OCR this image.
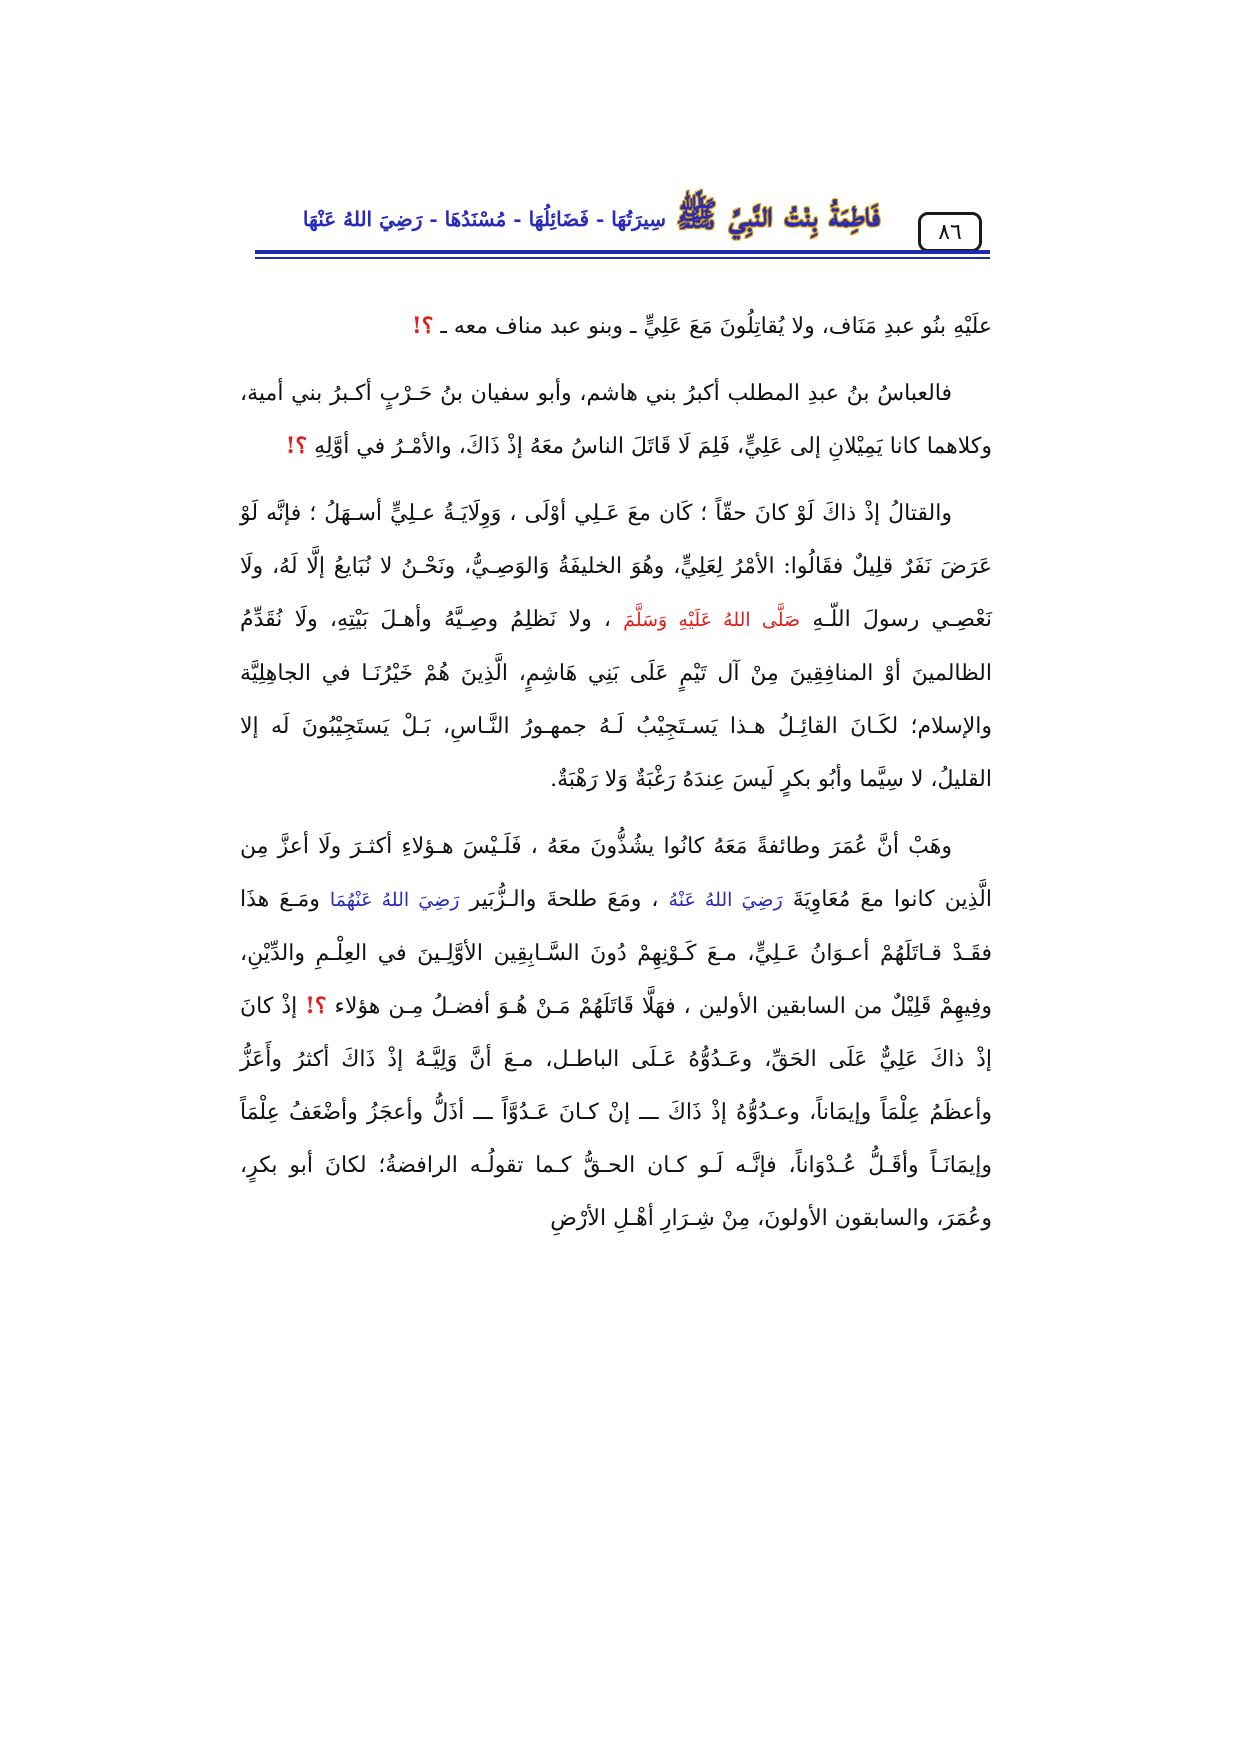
٨٦
فَاطِمَةُ بِنْتُ النَّبِيِّ ﷺ
سِيرَتُهَا - فَضَائِلُهَا - مُسْنَدُهَا - رَضِيَ اللهُ عَنْهَا

علَيْهِ بنُو عبدِ مَنَاف، ولا يُقاتِلُونَ مَعَ عَلِيٍّ ـ وبنو عبد مناف معه ـ ؟!

فالعباسُ بنُ عبدِ المطلب أكبرُ بني هاشم، وأبو سفيان بنُ حَـرْبٍ أكـبرُ بني أمية، وكلاهما كانا يَمِيْلانِ إلى عَلِيٍّ، فَلِمَ لَا قَاتَلَ الناسُ معَهُ إذْ ذَاكَ، والأمْـرُ في أوَّلِهِ ؟!

والقتالُ إذْ ذاكَ لَوْ كانَ حقّاً ؛ كَان معَ عَـلِي أوْلَى ، وَوِلَايَـةُ عـلِيٍّ أسـهَلُ ؛ فإنَّه لَوْ عَرَضَ نَفَرٌ قلِيلٌ فقَالُوا: الأمْرُ لِعَلِيٍّ، وهُوَ الخليفَةُ وَالوَصِـيُّ، ونَحْـنُ لا نُبَايعُ إلَّا لَهُ، ولَا نَعْصِـي رسولَ اللّـهِ صَلَّى اللهُ عَلَيْهِ وَسَلَّمَ ، ولا نَظلِمُ وصِـيَّهُ وأهـلَ بَيْتِهِ، ولَا نُقَدِّمُ الظالمينَ أوْ المنافِقِينَ مِنْ آل تَيْمٍ عَلَى بَنِي هَاشِمٍ، الَّذِينَ هُمْ خَيْرُنَـا في الجاهِلِيَّة والإسلام؛ لكَـانَ القائِـلُ هـذا يَسـتَجِيْبُ لَـهُ جمهـورُ النَّـاسِ، بَـلْ يَستَجِيْبُونَ لَه إلا القليلُ، لا سِيَّما وأبُو بكرٍ لَيسَ عِندَهُ رَغْبَةٌ وَلا رَهْبَةٌ.

وهَبْ أنَّ عُمَرَ وطائفةً مَعَهُ كانُوا يشُذُّونَ معَهُ ، فَلَـيْسَ هـؤلاءِ أكثـرَ ولَا أعزَّ مِن الَّذِين كانوا معَ مُعَاوِيَةَ رَضِيَ اللهُ عَنْهُ ، ومَعَ طلحةَ والـزُّبَير رَضِيَ اللهُ عَنْهُمَا ومَـعَ هذَا فقَـدْ قـاتَلَهُمْ أعـوَانُ عَـلِيٍّ، مـعَ كَـوْنِهِمْ دُونَ السَّـابِقِين الأوَّلِـينَ في العِلْـمِ والدِّيْنِ، وفِيهِمْ قَلِيْلٌ من السابقين الأولين ، فهَلَّا قَاتَلَهُمْ مَـنْ هُـوَ أفضـلُ مِـن هؤلاء ؟! إذْ كانَ إذْ ذاكَ عَلِيٌّ عَلَى الحَقِّ، وعَـدُوُّهُ عَـلَى الباطـل، مـعَ أنَّ وَلِيَّـهُ إذْ ذَاكَ أكثرُ وأَعَزُّ وأعظَمُ عِلْمَاً وإيمَاناً، وعـدُوُّهُ إذْ ذَاكَ ـــ إنْ كـانَ عَـدُوَّاً ـــ أذَلُّ وأعجَزُ وأضْعَفُ عِلْمَاً وإيمَانَـاً وأقَـلُّ عُـدْوَاناً، فإنَّـه لَـو كـان الحـقُّ كـما تقولُـه الرافضةُ؛ لكانَ أبو بكرٍ، وعُمَرَ، والسابقون الأولونَ، مِنْ شِـرَارِ أهْـلِ الأرْضِ
